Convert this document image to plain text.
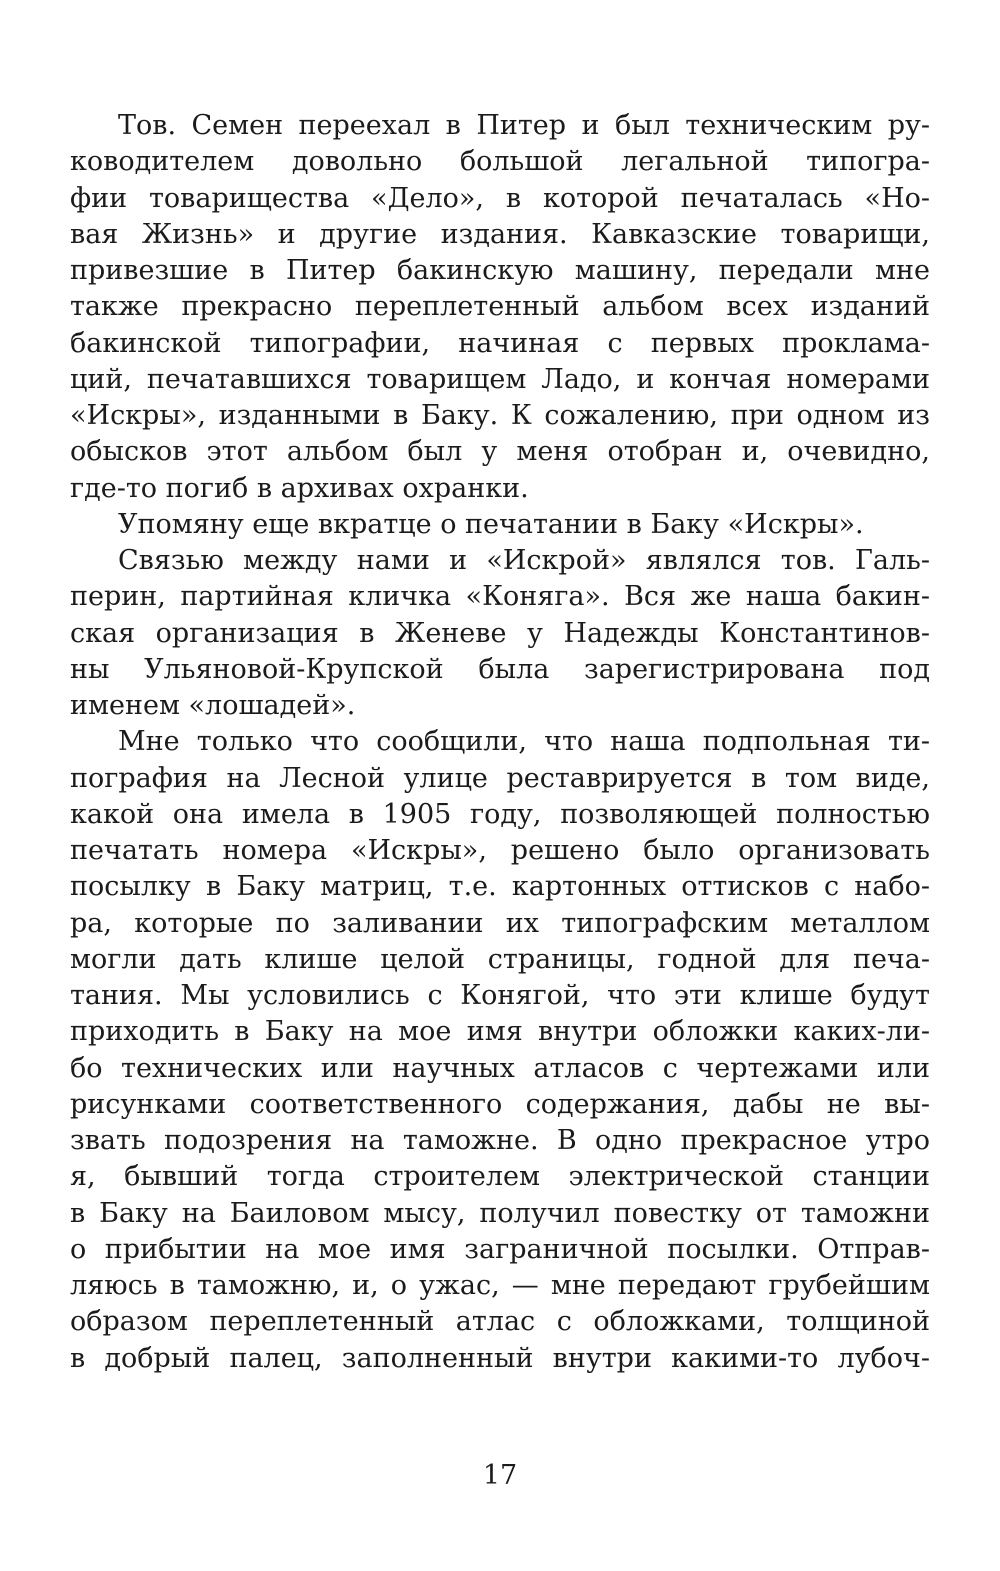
Тов. Семен переехал в Питер и был техническим ру-
ководителем довольно большой легальной типогра-
фии товарищества «Дело», в которой печаталась «Но-
вая Жизнь» и другие издания. Кавказские товарищи,
привезшие в Питер бакинскую машину, передали мне
также прекрасно переплетенный альбом всех изданий
бакинской типографии, начиная с первых проклама-
ций, печатавшихся товарищем Ладо, и кончая номерами
«Искры», изданными в Баку. К сожалению, при одном из
обысков этот альбом был у меня отобран и, очевидно,
где-то погиб в архивах охранки.
Упомяну еще вкратце о печатании в Баку «Искры».
Связью между нами и «Искрой» являлся тов. Галь-
перин, партийная кличка «Коняга». Вся же наша бакин-
ская организация в Женеве у Надежды Константинов-
ны Ульяновой-Крупской была зарегистрирована под
именем «лошадей».
Мне только что сообщили, что наша подпольная ти-
пография на Лесной улице реставрируется в том виде,
какой она имела в 1905 году, позволяющей полностью
печатать номера «Искры», решено было организовать
посылку в Баку матриц, т.е. картонных оттисков с набо-
ра, которые по заливании их типографским металлом
могли дать клише целой страницы, годной для печа-
тания. Мы условились с Конягой, что эти клише будут
приходить в Баку на мое имя внутри обложки каких-ли-
бо технических или научных атласов с чертежами или
рисунками соответственного содержания, дабы не вы-
звать подозрения на таможне. В одно прекрасное утро
я, бывший тогда строителем электрической станции
в Баку на Баиловом мысу, получил повестку от таможни
о прибытии на мое имя заграничной посылки. Отправ-
ляюсь в таможню, и, о ужас, — мне передают грубейшим
образом переплетенный атлас с обложками, толщиной
в добрый палец, заполненный внутри какими-то лубоч-
17
